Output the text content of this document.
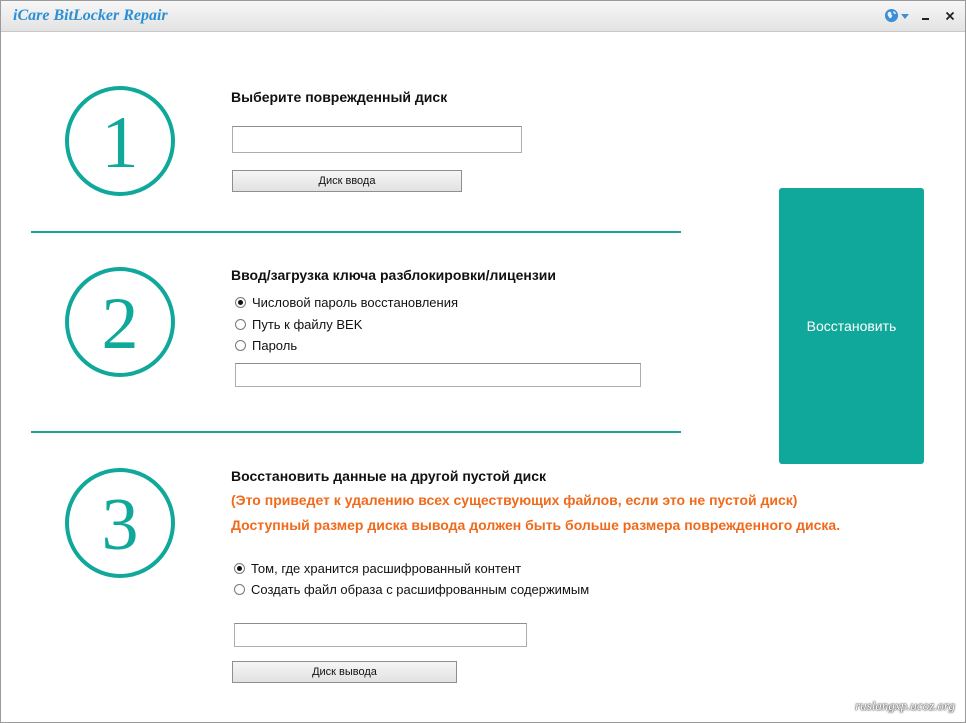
iCare BitLocker Repair
1
Выберите поврежденный диск
Диск ввода
2
Ввод/загрузка ключа разблокировки/лицензии
Числовой пароль восстановления
Путь к файлу BEK
Пароль
3
Восстановить данные на другой пустой диск
(Это приведет к удалению всех существующих файлов, если это не пустой диск)
Доступный размер диска вывода должен быть больше размера поврежденного диска.
Том, где хранится расшифрованный контент
Создать файл образа с расшифрованным содержимым
Диск вывода
Восстановить
ruslangxp.ucoz.org
